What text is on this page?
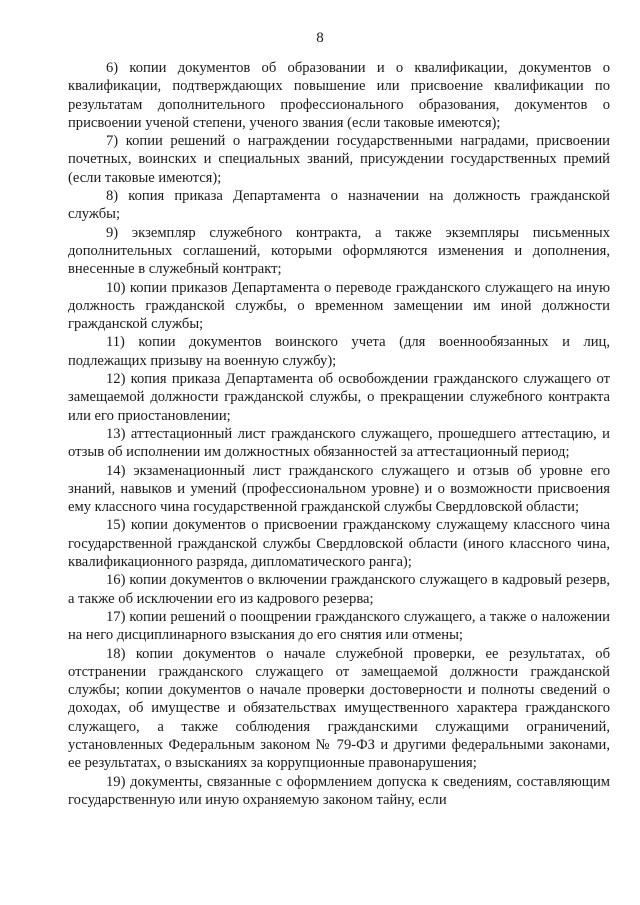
8

6) копии документов об образовании и о квалификации, документов о квалификации, подтверждающих повышение или присвоение квалификации по результатам дополнительного профессионального образования, документов о присвоении ученой степени, ученого звания (если таковые имеются);

7) копии решений о награждении государственными наградами, присвоении почетных, воинских и специальных званий, присуждении государственных премий (если таковые имеются);

8) копия приказа Департамента о назначении на должность гражданской службы;

9) экземпляр служебного контракта, а также экземпляры письменных дополнительных соглашений, которыми оформляются изменения и дополнения, внесенные в служебный контракт;

10) копии приказов Департамента о переводе гражданского служащего на иную должность гражданской службы, о временном замещении им иной должности гражданской службы;

11) копии документов воинского учета (для военнообязанных и лиц, подлежащих призыву на военную службу);

12) копия приказа Департамента об освобождении гражданского служащего от замещаемой должности гражданской службы, о прекращении служебного контракта или его приостановлении;

13) аттестационный лист гражданского служащего, прошедшего аттестацию, и отзыв об исполнении им должностных обязанностей за аттестационный период;

14) экзаменационный лист гражданского служащего и отзыв об уровне его знаний, навыков и умений (профессиональном уровне) и о возможности присвоения ему классного чина государственной гражданской службы Свердловской области;

15) копии документов о присвоении гражданскому служащему классного чина государственной гражданской службы Свердловской области (иного классного чина, квалификационного разряда, дипломатического ранга);

16) копии документов о включении гражданского служащего в кадровый резерв, а также об исключении его из кадрового резерва;

17) копии решений о поощрении гражданского служащего, а также о наложении на него дисциплинарного взыскания до его снятия или отмены;

18) копии документов о начале служебной проверки, ее результатах, об отстранении гражданского служащего от замещаемой должности гражданской службы; копии документов о начале проверки достоверности и полноты сведений о доходах, об имуществе и обязательствах имущественного характера гражданского служащего, а также соблюдения гражданскими служащими ограничений, установленных Федеральным законом № 79-ФЗ и другими федеральными законами, ее результатах, о взысканиях за коррупционные правонарушения;

19) документы, связанные с оформлением допуска к сведениям, составляющим государственную или иную охраняемую законом тайну, если
